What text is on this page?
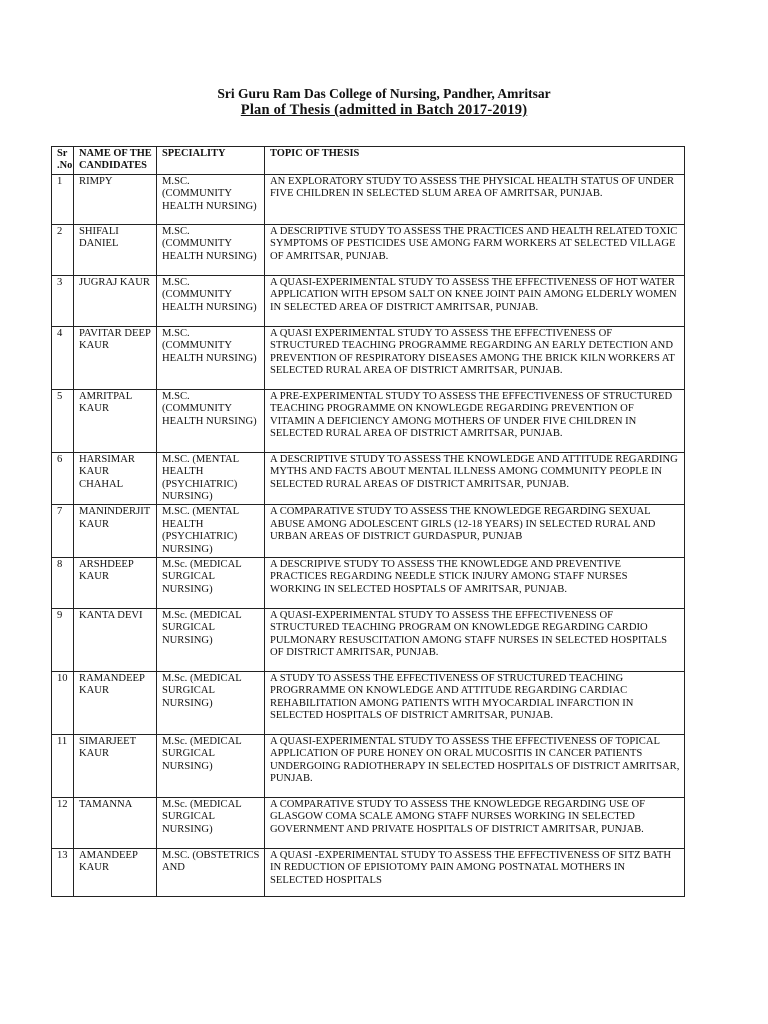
Sri Guru Ram Das College of Nursing, Pandher, Amritsar
Plan of Thesis (admitted in Batch 2017-2019)
Sr .No	NAME OF THE CANDIDATES	SPECIALITY	TOPIC OF THESIS
1	RIMPY	M.SC. (COMMUNITY HEALTH NURSING)	AN EXPLORATORY STUDY TO ASSESS THE PHYSICAL HEALTH STATUS OF UNDER FIVE CHILDREN IN SELECTED SLUM AREA OF AMRITSAR, PUNJAB.
2	SHIFALI DANIEL	M.SC. (COMMUNITY HEALTH NURSING)	A DESCRIPTIVE STUDY TO ASSESS THE PRACTICES AND HEALTH RELATED TOXIC SYMPTOMS OF PESTICIDES USE AMONG FARM WORKERS AT SELECTED VILLAGE OF AMRITSAR, PUNJAB.
3	JUGRAJ KAUR	M.SC. (COMMUNITY HEALTH NURSING)	A QUASI-EXPERIMENTAL STUDY TO ASSESS THE EFFECTIVENESS OF HOT WATER APPLICATION WITH EPSOM SALT ON KNEE JOINT PAIN AMONG ELDERLY WOMEN IN SELECTED AREA OF DISTRICT AMRITSAR, PUNJAB.
4	PAVITAR DEEP KAUR	M.SC. (COMMUNITY HEALTH NURSING)	A QUASI EXPERIMENTAL STUDY TO ASSESS THE EFFECTIVENESS OF STRUCTURED TEACHING PROGRAMME REGARDING AN EARLY DETECTION AND PREVENTION OF RESPIRATORY DISEASES AMONG THE BRICK KILN WORKERS AT SELECTED RURAL AREA OF DISTRICT AMRITSAR, PUNJAB.
5	AMRITPAL KAUR	M.SC. (COMMUNITY HEALTH NURSING)	A PRE-EXPERIMENTAL STUDY TO ASSESS THE EFFECTIVENESS OF STRUCTURED TEACHING PROGRAMME ON KNOWLEGDE REGARDING PREVENTION OF VITAMIN A DEFICIENCY AMONG MOTHERS OF UNDER FIVE CHILDREN IN SELECTED RURAL AREA OF DISTRICT AMRITSAR, PUNJAB.
6	HARSIMAR KAUR CHAHAL	M.SC. (MENTAL HEALTH (PSYCHIATRIC) NURSING)	A DESCRIPTIVE STUDY TO ASSESS THE KNOWLEDGE AND ATTITUDE REGARDING MYTHS AND FACTS ABOUT MENTAL ILLNESS AMONG COMMUNITY PEOPLE IN SELECTED RURAL AREAS OF DISTRICT AMRITSAR, PUNJAB.
7	MANINDERJIT KAUR	M.SC. (MENTAL HEALTH (PSYCHIATRIC) NURSING)	A COMPARATIVE STUDY TO ASSESS THE KNOWLEDGE REGARDING SEXUAL ABUSE AMONG ADOLESCENT GIRLS (12-18 YEARS) IN SELECTED RURAL AND URBAN AREAS OF DISTRICT GURDASPUR, PUNJAB
8	ARSHDEEP KAUR	M.Sc. (MEDICAL SURGICAL NURSING)	A DESCRIPIVE STUDY TO ASSESS THE KNOWLEDGE AND PREVENTIVE PRACTICES REGARDING NEEDLE STICK INJURY AMONG STAFF NURSES WORKING IN SELECTED HOSPTALS OF AMRITSAR, PUNJAB.
9	KANTA DEVI	M.Sc. (MEDICAL SURGICAL NURSING)	A QUASI-EXPERIMENTAL STUDY TO ASSESS THE EFFECTIVENESS OF STRUCTURED TEACHING PROGRAM ON KNOWLEDGE REGARDING CARDIO PULMONARY RESUSCITATION AMONG STAFF NURSES IN SELECTED HOSPITALS OF DISTRICT AMRITSAR, PUNJAB.
10	RAMANDEEP KAUR	M.Sc. (MEDICAL SURGICAL NURSING)	A STUDY TO ASSESS THE EFFECTIVENESS OF STRUCTURED TEACHING PROGRRAMME ON KNOWLEDGE AND ATTITUDE REGARDING CARDIAC REHABILITATION AMONG PATIENTS WITH MYOCARDIAL INFARCTION IN SELECTED HOSPITALS OF DISTRICT AMRITSAR, PUNJAB.
11	SIMARJEET KAUR	M.Sc. (MEDICAL SURGICAL NURSING)	A QUASI-EXPERIMENTAL STUDY TO ASSESS THE EFFECTIVENESS OF TOPICAL APPLICATION OF PURE HONEY ON ORAL MUCOSITIS IN CANCER PATIENTS UNDERGOING RADIOTHERAPY IN SELECTED HOSPITALS OF DISTRICT AMRITSAR, PUNJAB.
12	TAMANNA	M.Sc. (MEDICAL SURGICAL NURSING)	A COMPARATIVE STUDY TO ASSESS THE KNOWLEDGE REGARDING USE OF GLASGOW COMA SCALE AMONG STAFF NURSES WORKING IN SELECTED GOVERNMENT AND PRIVATE HOSPITALS OF DISTRICT AMRITSAR, PUNJAB.
13	AMANDEEP KAUR	M.SC. (OBSTETRICS AND	A QUASI -EXPERIMENTAL STUDY TO ASSESS THE EFFECTIVENESS OF SITZ BATH IN REDUCTION OF EPISIOTOMY PAIN AMONG POSTNATAL MOTHERS IN SELECTED HOSPITALS
